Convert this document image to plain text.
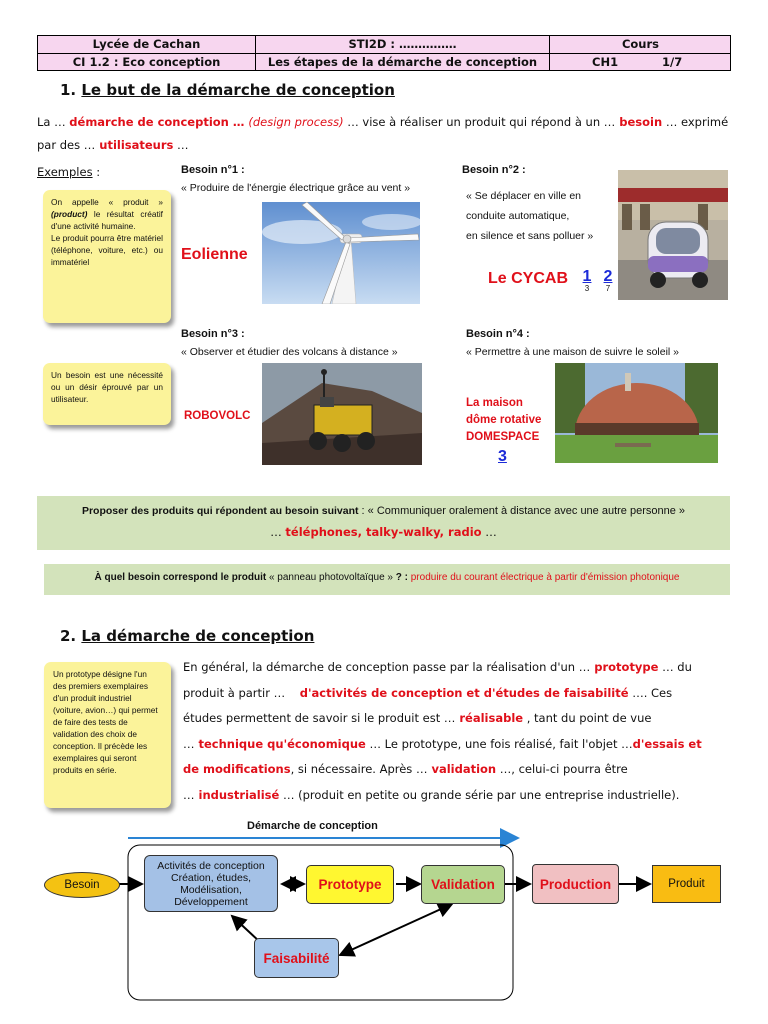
Lycée de Cachan	STI2D : ……………	Cours
CI 1.2 : Eco conception	Les étapes de la démarche de conception	CH1	1/7
1. Le but de la démarche de conception
La … démarche de conception … (design process) … vise à réaliser un produit qui répond à un … besoin … exprimé
par des … utilisateurs …
Exemples :
On appelle « produit » (product) le résultat créatif d'une activité humaine.
Le produit pourra être matériel (téléphone, voiture, etc.) ou immatériel
Un besoin est une nécessité ou un désir éprouvé par un utilisateur.
Besoin n°1 :
« Produire de l'énergie électrique grâce au vent »
Eolienne
Besoin n°2 :
« Se déplacer en ville en
conduite automatique,
en silence et sans polluer »
Le CYCAB 1
3
2
7
Besoin n°3 :
« Observer et étudier des volcans à distance »
ROBOVOLC
Besoin n°4 :
« Permettre à une maison de suivre le soleil »
La maison
dôme rotative
DOMESPACE
3
Proposer des produits qui répondent au besoin suivant : « Communiquer oralement à distance avec une autre personne »
… téléphones, talky-walky, radio …
À quel besoin correspond le produit « panneau photovoltaïque » ? : produire du courant électrique à partir d'émission photonique
2. La démarche de conception
Un prototype désigne l'un des premiers exemplaires d'un produit industriel (voiture, avion…) qui permet de faire des tests de validation des choix de conception. Il précède les exemplaires qui seront produits en série.
En général, la démarche de conception passe par la réalisation d'un … prototype … du
produit à partir … d'activités de conception et d'études de faisabilité …. Ces
études permettent de savoir si le produit est … réalisable , tant du point de vue
… technique qu'économique … Le prototype, une fois réalisé, fait l'objet …d'essais et
de modifications, si nécessaire. Après … validation …, celui-ci pourra être
… industrialisé … (produit en petite ou grande série par une entreprise industrielle).
Démarche de conception
Besoin
Activités de conception
Création, études,
Modélisation,
Développement
Prototype	Validation	Production	Produit
Faisabilité
